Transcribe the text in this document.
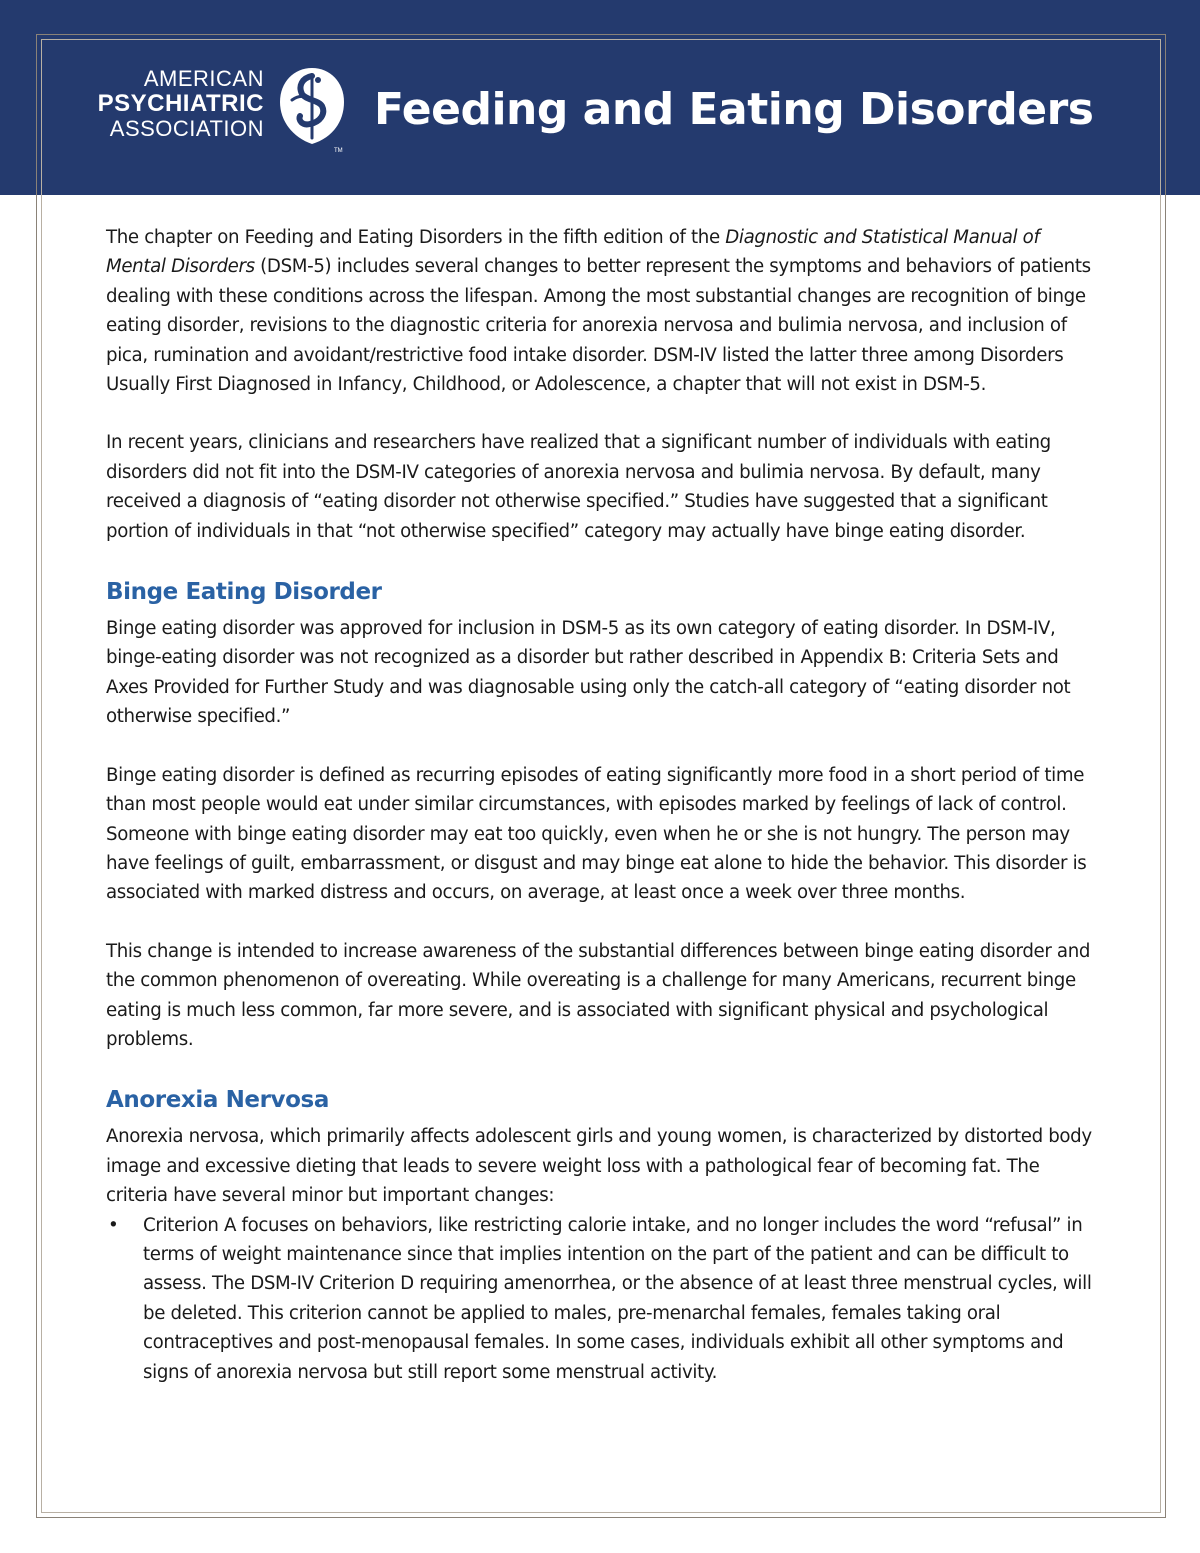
AMERICAN
PSYCHIATRIC
ASSOCIATION
TM
Feeding and Eating Disorders

The chapter on Feeding and Eating Disorders in the fifth edition of the Diagnostic and Statistical Manual of Mental Disorders (DSM-5) includes several changes to better represent the symptoms and behaviors of patients dealing with these conditions across the lifespan. Among the most substantial changes are recognition of binge eating disorder, revisions to the diagnostic criteria for anorexia nervosa and bulimia nervosa, and inclusion of pica, rumination and avoidant/restrictive food intake disorder. DSM-IV listed the latter three among Disorders Usually First Diagnosed in Infancy, Childhood, or Adolescence, a chapter that will not exist in DSM-5.

In recent years, clinicians and researchers have realized that a significant number of individuals with eating disorders did not fit into the DSM-IV categories of anorexia nervosa and bulimia nervosa. By default, many received a diagnosis of “eating disorder not otherwise specified.” Studies have suggested that a significant portion of individuals in that “not otherwise specified” category may actually have binge eating disorder.

Binge Eating Disorder

Binge eating disorder was approved for inclusion in DSM-5 as its own category of eating disorder. In DSM-IV, binge-eating disorder was not recognized as a disorder but rather described in Appendix B: Criteria Sets and Axes Provided for Further Study and was diagnosable using only the catch-all category of “eating disorder not otherwise specified.”

Binge eating disorder is defined as recurring episodes of eating significantly more food in a short period of time than most people would eat under similar circumstances, with episodes marked by feelings of lack of control. Someone with binge eating disorder may eat too quickly, even when he or she is not hungry. The person may have feelings of guilt, embarrassment, or disgust and may binge eat alone to hide the behavior. This disorder is associated with marked distress and occurs, on average, at least once a week over three months.

This change is intended to increase awareness of the substantial differences between binge eating disorder and the common phenomenon of overeating. While overeating is a challenge for many Americans, recurrent binge eating is much less common, far more severe, and is associated with significant physical and psychological problems.

Anorexia Nervosa

Anorexia nervosa, which primarily affects adolescent girls and young women, is characterized by distorted body image and excessive dieting that leads to severe weight loss with a pathological fear of becoming fat. The criteria have several minor but important changes:

• Criterion A focuses on behaviors, like restricting calorie intake, and no longer includes the word “refusal” in terms of weight maintenance since that implies intention on the part of the patient and can be difficult to assess. The DSM-IV Criterion D requiring amenorrhea, or the absence of at least three menstrual cycles, will be deleted. This criterion cannot be applied to males, pre-menarchal females, females taking oral contraceptives and post-menopausal females. In some cases, individuals exhibit all other symptoms and signs of anorexia nervosa but still report some menstrual activity.
